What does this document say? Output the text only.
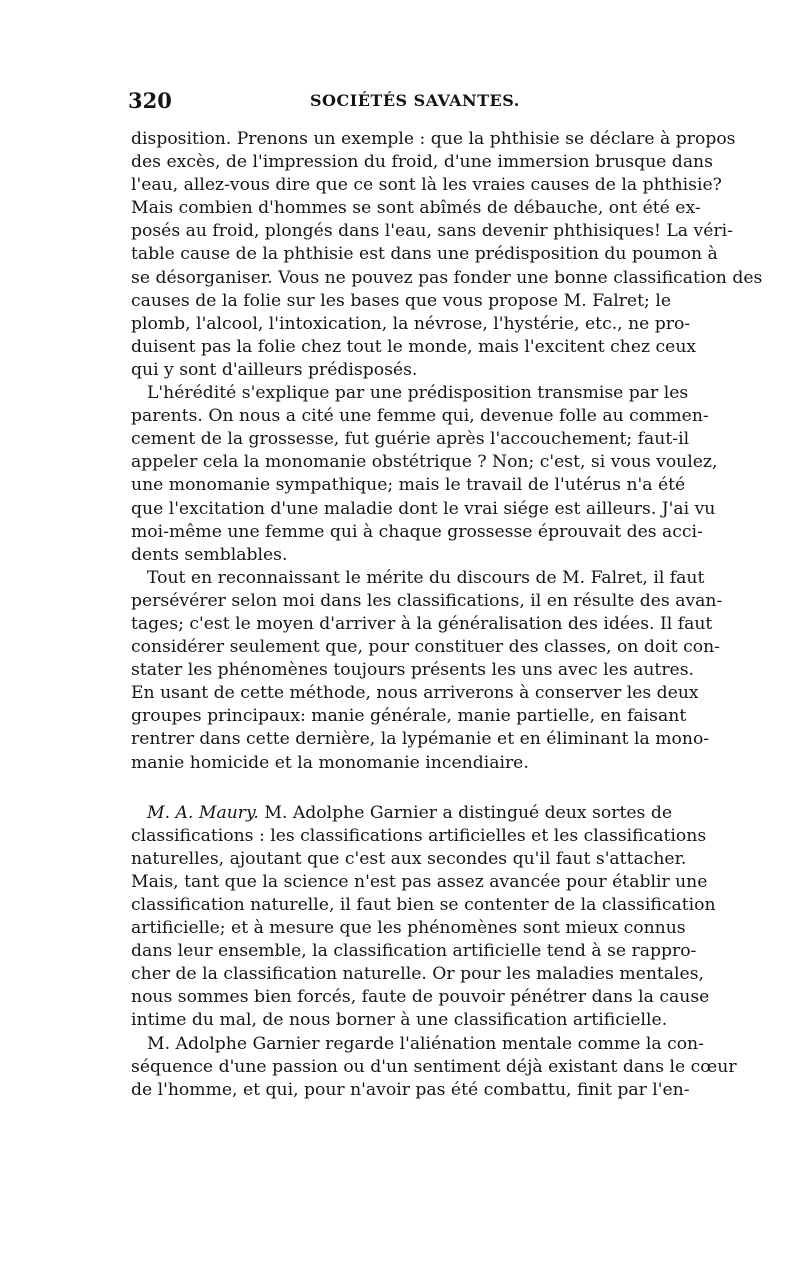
320	SOCIÉTÉS SAVANTES.
disposition. Prenons un exemple : que la phthisie se déclare à propos
des excès, de l'impression du froid, d'une immersion brusque dans
l'eau, allez-vous dire que ce sont là les vraies causes de la phthisie?
Mais combien d'hommes se sont abîmés de débauche, ont été ex-
posés au froid, plongés dans l'eau, sans devenir phthisiques! La véri-
table cause de la phthisie est dans une prédisposition du poumon à
se désorganiser. Vous ne pouvez pas fonder une bonne classification des
causes de la folie sur les bases que vous propose M. Falret; le
plomb, l'alcool, l'intoxication, la névrose, l'hystérie, etc., ne pro-
duisent pas la folie chez tout le monde, mais l'excitent chez ceux
qui y sont d'ailleurs prédisposés.
L'hérédité s'explique par une prédisposition transmise par les
parents. On nous a cité une femme qui, devenue folle au commen-
cement de la grossesse, fut guérie après l'accouchement; faut-il
appeler cela la monomanie obstétrique ? Non; c'est, si vous voulez,
une monomanie sympathique; mais le travail de l'utérus n'a été
que l'excitation d'une maladie dont le vrai siége est ailleurs. J'ai vu
moi-même une femme qui à chaque grossesse éprouvait des acci-
dents semblables.
Tout en reconnaissant le mérite du discours de M. Falret, il faut
persévérer selon moi dans les classifications, il en résulte des avan-
tages; c'est le moyen d'arriver à la généralisation des idées. Il faut
considérer seulement que, pour constituer des classes, on doit con-
stater les phénomènes toujours présents les uns avec les autres.
En usant de cette méthode, nous arriverons à conserver les deux
groupes principaux: manie générale, manie partielle, en faisant
rentrer dans cette dernière, la lypémanie et en éliminant la mono-
manie homicide et la monomanie incendiaire.
M. A. Maury. M. Adolphe Garnier a distingué deux sortes de
classifications : les classifications artificielles et les classifications
naturelles, ajoutant que c'est aux secondes qu'il faut s'attacher.
Mais, tant que la science n'est pas assez avancée pour établir une
classification naturelle, il faut bien se contenter de la classification
artificielle; et à mesure que les phénomènes sont mieux connus
dans leur ensemble, la classification artificielle tend à se rappro-
cher de la classification naturelle. Or pour les maladies mentales,
nous sommes bien forcés, faute de pouvoir pénétrer dans la cause
intime du mal, de nous borner à une classification artificielle.
M. Adolphe Garnier regarde l'aliénation mentale comme la con-
séquence d'une passion ou d'un sentiment déjà existant dans le cœur
de l'homme, et qui, pour n'avoir pas été combattu, finit par l'en-
